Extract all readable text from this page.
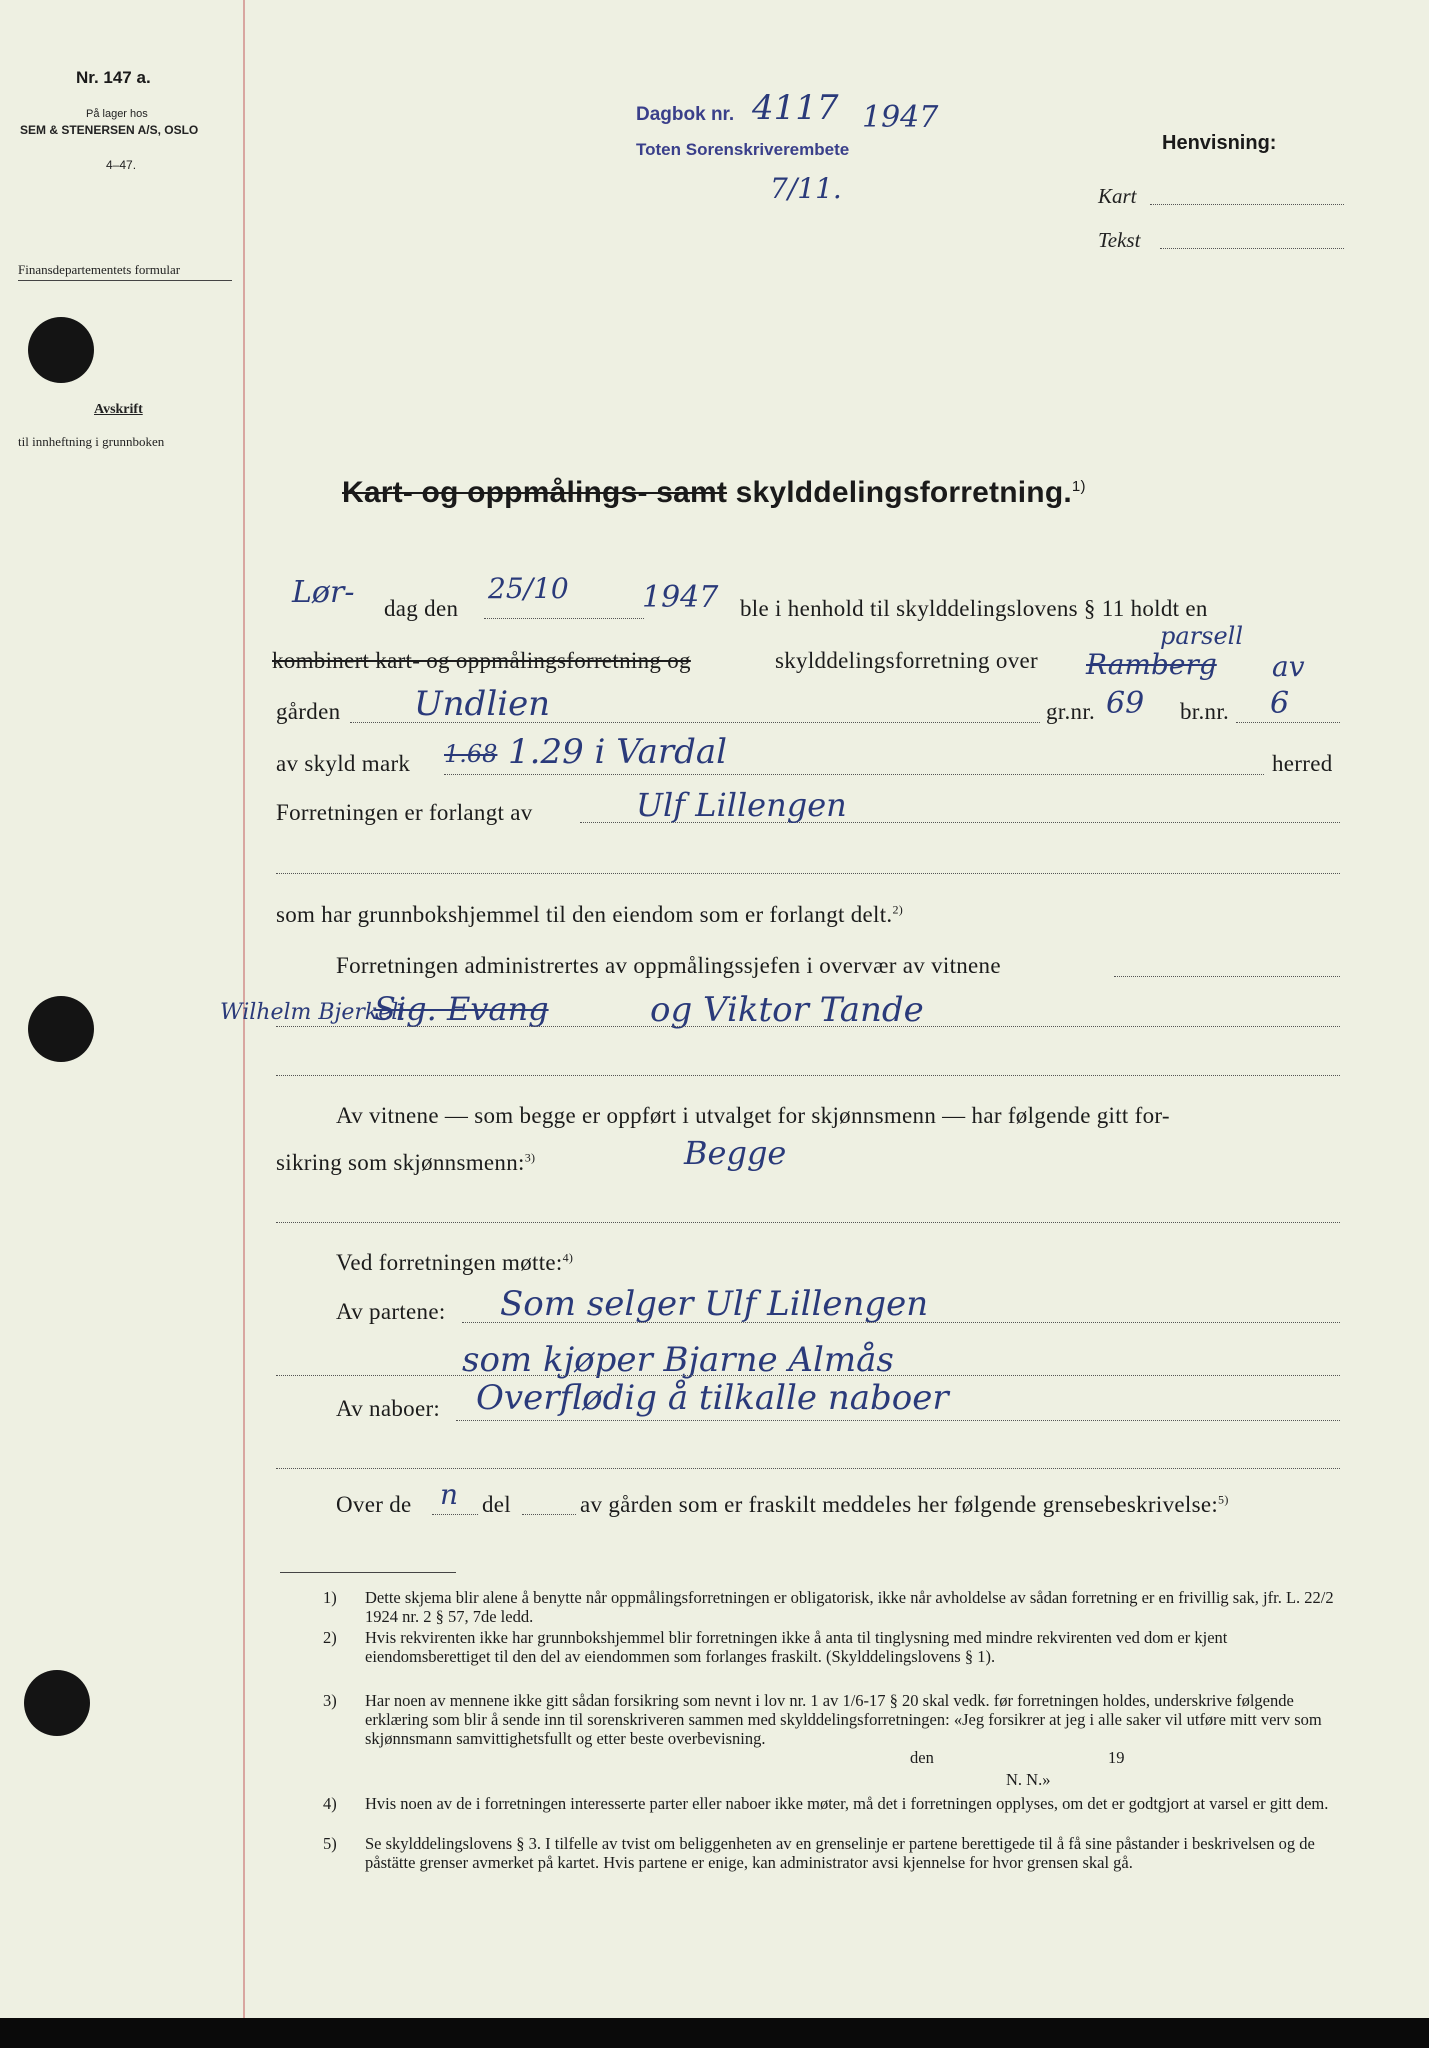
Nr. 147 a.
På lager hos
SEM & STENERSEN A/S, OSLO
4–47.
Finansdepartementets formular
Avskrift
til innheftning i grunnboken
Dagbok nr. 4117 1947
Toten Sorenskriverembete
7/11.
Henvisning:
Kart
Tekst
Kart- og oppmålings- samt skylddelingsforretning.$^{1)}$
Lør- dag den
25/10 1947 ble i henhold til skylddelingslovens § 11 holdt en
kombinert kart- og oppmålingsforretning og	skylddelingsforretning over
parsell
Ramberg av
gården Undlien	gr.nr. 69 br.nr. 6
av skyld mark 1.68 1.29 i Vardal	herred
Forretningen er forlangt av	Ulf Lillengen
som har grunnbokshjemmel til den eiendom som er forlangt delt.$^{2)}$
Forretningen administrertes av oppmålingssjefen i overvær av vitnene
Wilhelm Bjerkeli
Sig. Evang	og Viktor Tande
Av vitnene — som begge er oppført i utvalget for skjønnsmenn — har følgende gitt for-
sikring som skjønnsmenn:$^{3)}$	Begge
Ved forretningen møtte:$^{4)}$
Av partene: Som selger Ulf Lillengen
som kjøper Bjarne Almås
Av naboer: Overflødig å tilkalle naboer
Over de n del	av gården som er fraskilt meddeles her følgende grensebeskrivelse:$^{5)}$
1) Dette skjema blir alene å benytte når oppmålingsforretningen er obligatorisk, ikke når avholdelse av sådan forretning er en frivillig sak, jfr. L. 22/2 1924 nr. 2 § 57, 7de ledd.
2) Hvis rekvirenten ikke har grunnbokshjemmel blir forretningen ikke å anta til tinglysning med mindre rekvirenten ved dom er kjent eiendomsberettiget til den del av eiendommen som forlanges fraskilt. (Skylddelingslovens § 1).
3) Har noen av mennene ikke gitt sådan forsikring som nevnt i lov nr. 1 av 1/6-17 § 20 skal vedk. før forretningen holdes, underskrive følgende erklæring som blir å sende inn til sorenskriveren sammen med skylddelingsforretningen: «Jeg forsikrer at jeg i alle saker vil utføre mitt verv som skjønnsmann samvittighetsfullt og etter beste overbevisning.
den	19
N. N.»
4) Hvis noen av de i forretningen interesserte parter eller naboer ikke møter, må det i forretningen opplyses, om det er godtgjort at varsel er gitt dem.
5) Se skylddelingslovens § 3. I tilfelle av tvist om beliggenheten av en grenselinje er partene berettigede til å få sine påstander i beskrivelsen og de påstätte grenser avmerket på kartet. Hvis partene er enige, kan administrator avsi kjennelse for hvor grensen skal gå.
